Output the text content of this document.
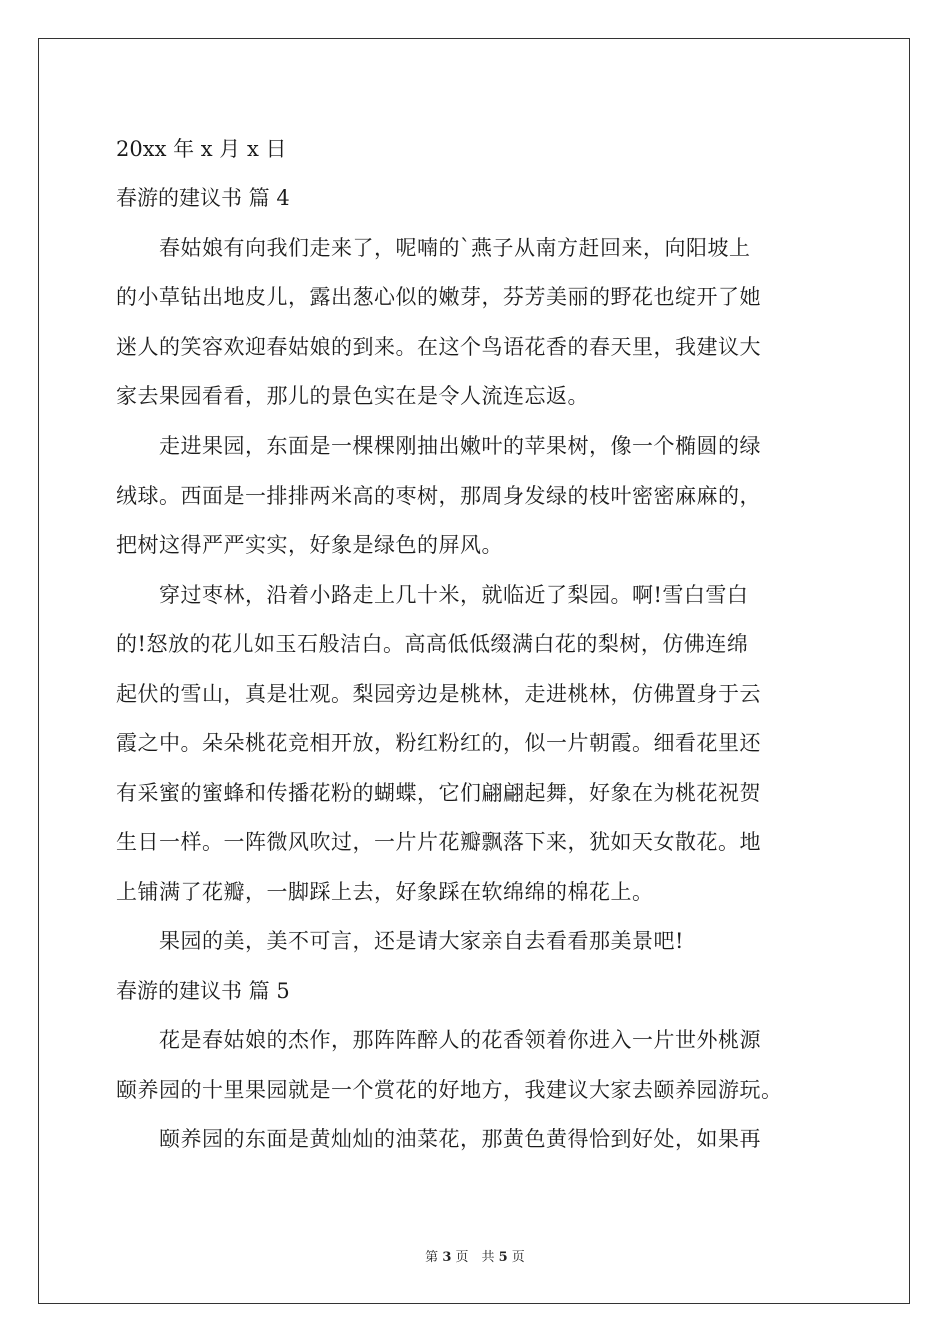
20xx 年 x 月 x 日
春游的建议书 篇 4
　　春姑娘有向我们走来了，呢喃的`燕子从南方赶回来，向阳坡上
的小草钻出地皮儿，露出葱心似的嫩芽，芬芳美丽的野花也绽开了她
迷人的笑容欢迎春姑娘的到来。在这个鸟语花香的春天里，我建议大
家去果园看看，那儿的景色实在是令人流连忘返。
　　走进果园，东面是一棵棵刚抽出嫩叶的苹果树，像一个椭圆的绿
绒球。西面是一排排两米高的枣树，那周身发绿的枝叶密密麻麻的，
把树这得严严实实，好象是绿色的屏风。
　　穿过枣林，沿着小路走上几十米，就临近了梨园。啊!雪白雪白
的!怒放的花儿如玉石般洁白。高高低低缀满白花的梨树，仿佛连绵
起伏的雪山，真是壮观。梨园旁边是桃林，走进桃林，仿佛置身于云
霞之中。朵朵桃花竞相开放，粉红粉红的，似一片朝霞。细看花里还
有采蜜的蜜蜂和传播花粉的蝴蝶，它们翩翩起舞，好象在为桃花祝贺
生日一样。一阵微风吹过，一片片花瓣飘落下来，犹如天女散花。地
上铺满了花瓣，一脚踩上去，好象踩在软绵绵的棉花上。
　　果园的美，美不可言，还是请大家亲自去看看那美景吧!
春游的建议书 篇 5
　　花是春姑娘的杰作，那阵阵醉人的花香领着你进入一片世外桃源
颐养园的十里果园就是一个赏花的好地方，我建议大家去颐养园游玩。
　　颐养园的东面是黄灿灿的油菜花，那黄色黄得恰到好处，如果再
第 3 页　共 5 页
